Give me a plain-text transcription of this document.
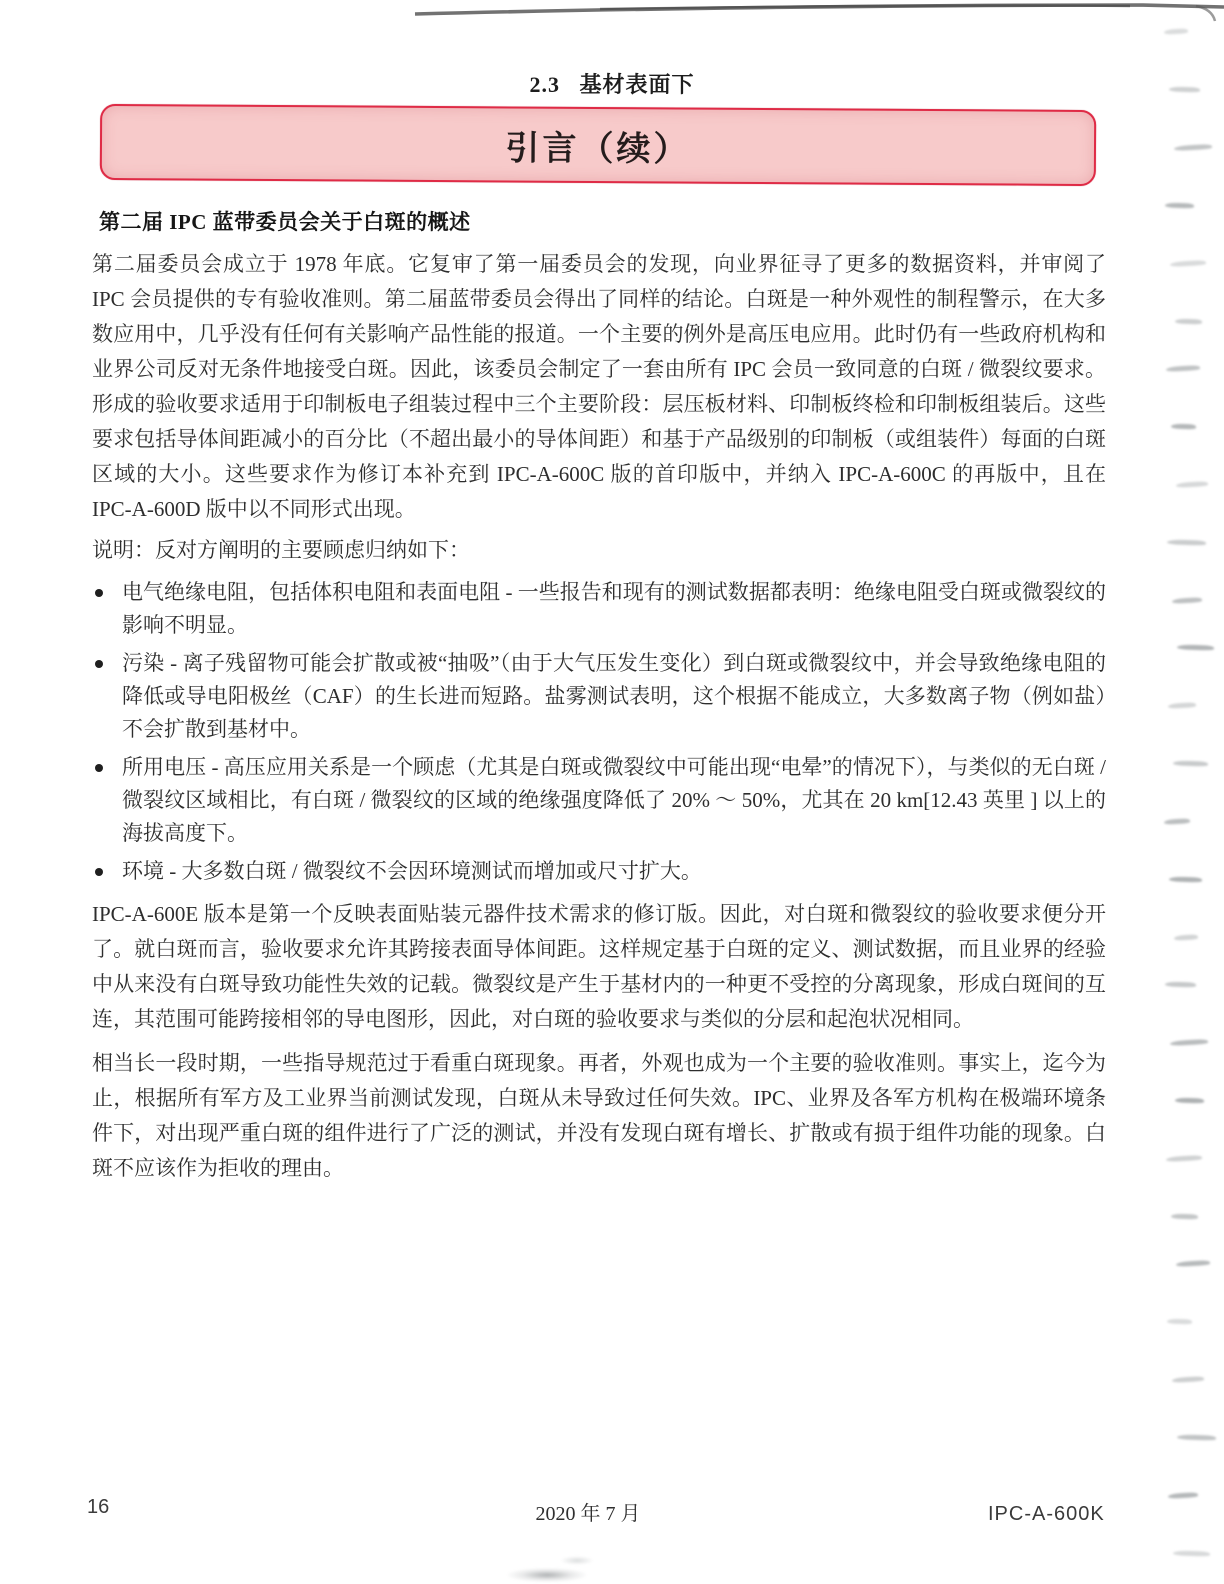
2.3   基材表面下
引言（续）
第二届 IPC 蓝带委员会关于白斑的概述

第二届委员会成立于 1978 年底。它复审了第一届委员会的发现，向业界征寻了更多的数据资料，并审阅了 IPC 会员提供的专有验收准则。第二届蓝带委员会得出了同样的结论。白斑是一种外观性的制程警示，在大多数应用中，几乎没有任何有关影响产品性能的报道。一个主要的例外是高压电应用。此时仍有一些政府机构和业界公司反对无条件地接受白斑。因此，该委员会制定了一套由所有 IPC 会员一致同意的白斑 / 微裂纹要求。形成的验收要求适用于印制板电子组装过程中三个主要阶段：层压板材料、印制板终检和印制板组装后。这些要求包括导体间距减小的百分比（不超出最小的导体间距）和基于产品级别的印制板（或组装件）每面的白斑区域的大小。这些要求作为修订本补充到 IPC-A-600C 版的首印版中，并纳入 IPC-A-600C 的再版中，且在 IPC-A-600D 版中以不同形式出现。

说明：反对方阐明的主要顾虑归纳如下：

电气绝缘电阻，包括体积电阻和表面电阻 - 一些报告和现有的测试数据都表明：绝缘电阻受白斑或微裂纹的影响不明显。
污染 - 离子残留物可能会扩散或被“抽吸”（由于大气压发生变化）到白斑或微裂纹中，并会导致绝缘电阻的降低或导电阳极丝（CAF）的生长进而短路。盐雾测试表明，这个根据不能成立，大多数离子物（例如盐）不会扩散到基材中。
所用电压 - 高压应用关系是一个顾虑（尤其是白斑或微裂纹中可能出现“电晕”的情况下），与类似的无白斑 / 微裂纹区域相比，有白斑 / 微裂纹的区域的绝缘强度降低了 20% ～ 50%，尤其在 20 km[12.43 英里 ] 以上的海拔高度下。
环境 - 大多数白斑 / 微裂纹不会因环境测试而增加或尺寸扩大。

IPC-A-600E 版本是第一个反映表面贴装元器件技术需求的修订版。因此，对白斑和微裂纹的验收要求便分开了。就白斑而言，验收要求允许其跨接表面导体间距。这样规定基于白斑的定义、测试数据，而且业界的经验中从来没有白斑导致功能性失效的记载。微裂纹是产生于基材内的一种更不受控的分离现象，形成白斑间的互连，其范围可能跨接相邻的导电图形，因此，对白斑的验收要求与类似的分层和起泡状况相同。

相当长一段时期，一些指导规范过于看重白斑现象。再者，外观也成为一个主要的验收准则。事实上，迄今为止，根据所有军方及工业界当前测试发现，白斑从未导致过任何失效。IPC、业界及各军方机构在极端环境条件下，对出现严重白斑的组件进行了广泛的测试，并没有发现白斑有增长、扩散或有损于组件功能的现象。白斑不应该作为拒收的理由。

16	2020 年 7 月	IPC-A-600K
